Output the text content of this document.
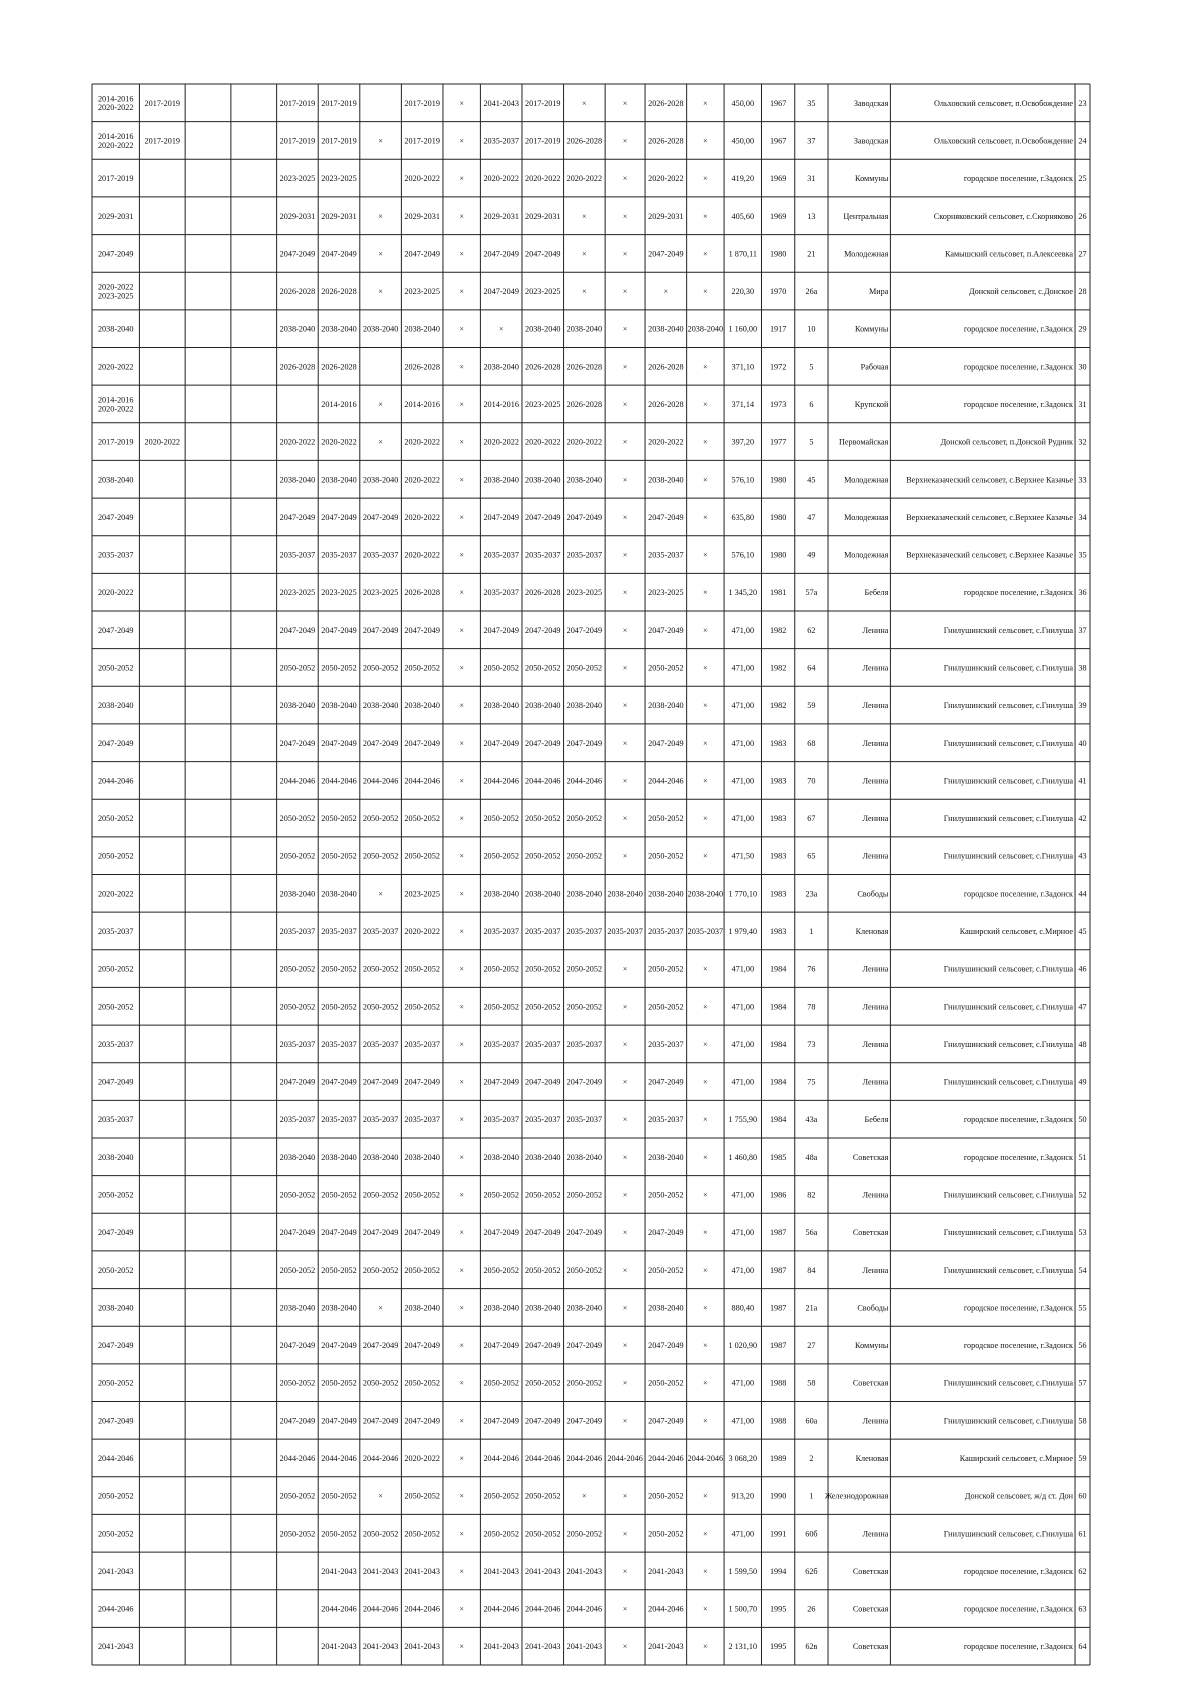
23
Ольховский сельсовет, п.Освобождение
Заводская
35
1967
450,00
×
2026-2028
×
×
2017-2019
2041-2043
×
2017-2019
2017-2019
2017-2019
2017-2019
2014-2016 2020-2022
24
Ольховский сельсовет, п.Освобождение
Заводская
37
1967
450,00
×
2026-2028
×
2026-2028
2017-2019
2035-2037
×
2017-2019
×
2017-2019
2017-2019
2017-2019
2014-2016 2020-2022
25
городское поселение, г.Задонск
Коммуны
31
1969
419,20
×
2020-2022
×
2020-2022
2020-2022
2020-2022
×
2020-2022
2023-2025
2023-2025
2017-2019
26
Скорняковский сельсовет, с.Скорняково
Центральная
13
1969
405,60
×
2029-2031
×
×
2029-2031
2029-2031
×
2029-2031
×
2029-2031
2029-2031
2029-2031
27
Камышский сельсовет, п.Алексеевка
Молодежная
21
1980
1 870,11
×
2047-2049
×
×
2047-2049
2047-2049
×
2047-2049
×
2047-2049
2047-2049
2047-2049
28
Донской сельсовет, с.Донское
Мира
26а
1970
220,30
×
×
×
×
2023-2025
2047-2049
×
2023-2025
×
2026-2028
2026-2028
2020-2022 2023-2025
29
городское поселение, г.Задонск
Коммуны
10
1917
1 160,00
2038-2040
2038-2040
×
2038-2040
2038-2040
×
×
2038-2040
2038-2040
2038-2040
2038-2040
2038-2040
30
городское поселение, г.Задонск
Рабочая
5
1972
371,10
×
2026-2028
×
2026-2028
2026-2028
2038-2040
×
2026-2028
2026-2028
2026-2028
2020-2022
31
городское поселение, г.Задонск
Крупской
6
1973
371,14
×
2026-2028
×
2026-2028
2023-2025
2014-2016
×
2014-2016
×
2014-2016
2014-2016 2020-2022
32
Донской сельсовет, п.Донской Рудник
Первомайская
5
1977
397,20
×
2020-2022
×
2020-2022
2020-2022
2020-2022
×
2020-2022
×
2020-2022
2020-2022
2020-2022
2017-2019
33
Верхнеказаческий сельсовет, с.Верхнее Казачье
Молодежная
45
1980
576,10
×
2038-2040
×
2038-2040
2038-2040
2038-2040
×
2020-2022
2038-2040
2038-2040
2038-2040
2038-2040
34
Верхнеказаческий сельсовет, с.Верхнее Казачье
Молодежная
47
1980
635,80
×
2047-2049
×
2047-2049
2047-2049
2047-2049
×
2020-2022
2047-2049
2047-2049
2047-2049
2047-2049
35
Верхнеказаческий сельсовет, с.Верхнее Казачье
Молодежная
49
1980
576,10
×
2035-2037
×
2035-2037
2035-2037
2035-2037
×
2020-2022
2035-2037
2035-2037
2035-2037
2035-2037
36
городское поселение, г.Задонск
Бебеля
57а
1981
1 345,20
×
2023-2025
×
2023-2025
2026-2028
2035-2037
×
2026-2028
2023-2025
2023-2025
2023-2025
2020-2022
37
Гнилушинский сельсовет, с.Гнилуша
Ленина
62
1982
471,00
×
2047-2049
×
2047-2049
2047-2049
2047-2049
×
2047-2049
2047-2049
2047-2049
2047-2049
2047-2049
38
Гнилушинский сельсовет, с.Гнилуша
Ленина
64
1982
471,00
×
2050-2052
×
2050-2052
2050-2052
2050-2052
×
2050-2052
2050-2052
2050-2052
2050-2052
2050-2052
39
Гнилушинский сельсовет, с.Гнилуша
Ленина
59
1982
471,00
×
2038-2040
×
2038-2040
2038-2040
2038-2040
×
2038-2040
2038-2040
2038-2040
2038-2040
2038-2040
40
Гнилушинский сельсовет, с.Гнилуша
Ленина
68
1983
471,00
×
2047-2049
×
2047-2049
2047-2049
2047-2049
×
2047-2049
2047-2049
2047-2049
2047-2049
2047-2049
41
Гнилушинский сельсовет, с.Гнилуша
Ленина
70
1983
471,00
×
2044-2046
×
2044-2046
2044-2046
2044-2046
×
2044-2046
2044-2046
2044-2046
2044-2046
2044-2046
42
Гнилушинский сельсовет, с.Гнилуша
Ленина
67
1983
471,00
×
2050-2052
×
2050-2052
2050-2052
2050-2052
×
2050-2052
2050-2052
2050-2052
2050-2052
2050-2052
43
Гнилушинский сельсовет, с.Гнилуша
Ленина
65
1983
471,50
×
2050-2052
×
2050-2052
2050-2052
2050-2052
×
2050-2052
2050-2052
2050-2052
2050-2052
2050-2052
44
городское поселение, г.Задонск
Свободы
23а
1983
1 770,10
2038-2040
2038-2040
2038-2040
2038-2040
2038-2040
2038-2040
×
2023-2025
×
2038-2040
2038-2040
2020-2022
45
Каширский сельсовет, с.Мирное
Кленовая
1
1983
1 979,40
2035-2037
2035-2037
2035-2037
2035-2037
2035-2037
2035-2037
×
2020-2022
2035-2037
2035-2037
2035-2037
2035-2037
46
Гнилушинский сельсовет, с.Гнилуша
Ленина
76
1984
471,00
×
2050-2052
×
2050-2052
2050-2052
2050-2052
×
2050-2052
2050-2052
2050-2052
2050-2052
2050-2052
47
Гнилушинский сельсовет, с.Гнилуша
Ленина
78
1984
471,00
×
2050-2052
×
2050-2052
2050-2052
2050-2052
×
2050-2052
2050-2052
2050-2052
2050-2052
2050-2052
48
Гнилушинский сельсовет, с.Гнилуша
Ленина
73
1984
471,00
×
2035-2037
×
2035-2037
2035-2037
2035-2037
×
2035-2037
2035-2037
2035-2037
2035-2037
2035-2037
49
Гнилушинский сельсовет, с.Гнилуша
Ленина
75
1984
471,00
×
2047-2049
×
2047-2049
2047-2049
2047-2049
×
2047-2049
2047-2049
2047-2049
2047-2049
2047-2049
50
городское поселение, г.Задонск
Бебеля
43а
1984
1 755,90
×
2035-2037
×
2035-2037
2035-2037
2035-2037
×
2035-2037
2035-2037
2035-2037
2035-2037
2035-2037
51
городское поселение, г.Задонск
Советская
48а
1985
1 460,80
×
2038-2040
×
2038-2040
2038-2040
2038-2040
×
2038-2040
2038-2040
2038-2040
2038-2040
2038-2040
52
Гнилушинский сельсовет, с.Гнилуша
Ленина
82
1986
471,00
×
2050-2052
×
2050-2052
2050-2052
2050-2052
×
2050-2052
2050-2052
2050-2052
2050-2052
2050-2052
53
Гнилушинский сельсовет, с.Гнилуша
Советская
56а
1987
471,00
×
2047-2049
×
2047-2049
2047-2049
2047-2049
×
2047-2049
2047-2049
2047-2049
2047-2049
2047-2049
54
Гнилушинский сельсовет, с.Гнилуша
Ленина
84
1987
471,00
×
2050-2052
×
2050-2052
2050-2052
2050-2052
×
2050-2052
2050-2052
2050-2052
2050-2052
2050-2052
55
городское поселение, г.Задонск
Свободы
21а
1987
880,40
×
2038-2040
×
2038-2040
2038-2040
2038-2040
×
2038-2040
×
2038-2040
2038-2040
2038-2040
56
городское поселение, г.Задонск
Коммуны
27
1987
1 020,90
×
2047-2049
×
2047-2049
2047-2049
2047-2049
×
2047-2049
2047-2049
2047-2049
2047-2049
2047-2049
57
Гнилушинский сельсовет, с.Гнилуша
Советская
58
1988
471,00
×
2050-2052
×
2050-2052
2050-2052
2050-2052
×
2050-2052
2050-2052
2050-2052
2050-2052
2050-2052
58
Гнилушинский сельсовет, с.Гнилуша
Ленина
60а
1988
471,00
×
2047-2049
×
2047-2049
2047-2049
2047-2049
×
2047-2049
2047-2049
2047-2049
2047-2049
2047-2049
59
Каширский сельсовет, с.Мирное
Кленовая
2
1989
3 068,20
2044-2046
2044-2046
2044-2046
2044-2046
2044-2046
2044-2046
×
2020-2022
2044-2046
2044-2046
2044-2046
2044-2046
60
Донской сельсовет, ж/д ст. Дон
Железнодорожная
1
1990
913,20
×
2050-2052
×
×
2050-2052
2050-2052
×
2050-2052
×
2050-2052
2050-2052
2050-2052
61
Гнилушинский сельсовет, с.Гнилуша
Ленина
60б
1991
471,00
×
2050-2052
×
2050-2052
2050-2052
2050-2052
×
2050-2052
2050-2052
2050-2052
2050-2052
2050-2052
62
городское поселение, г.Задонск
Советская
62б
1994
1 599,50
×
2041-2043
×
2041-2043
2041-2043
2041-2043
×
2041-2043
2041-2043
2041-2043
2041-2043
63
городское поселение, г.Задонск
Советская
26
1995
1 500,70
×
2044-2046
×
2044-2046
2044-2046
2044-2046
×
2044-2046
2044-2046
2044-2046
2044-2046
64
городское поселение, г.Задонск
Советская
62в
1995
2 131,10
×
2041-2043
×
2041-2043
2041-2043
2041-2043
×
2041-2043
2041-2043
2041-2043
2041-2043
